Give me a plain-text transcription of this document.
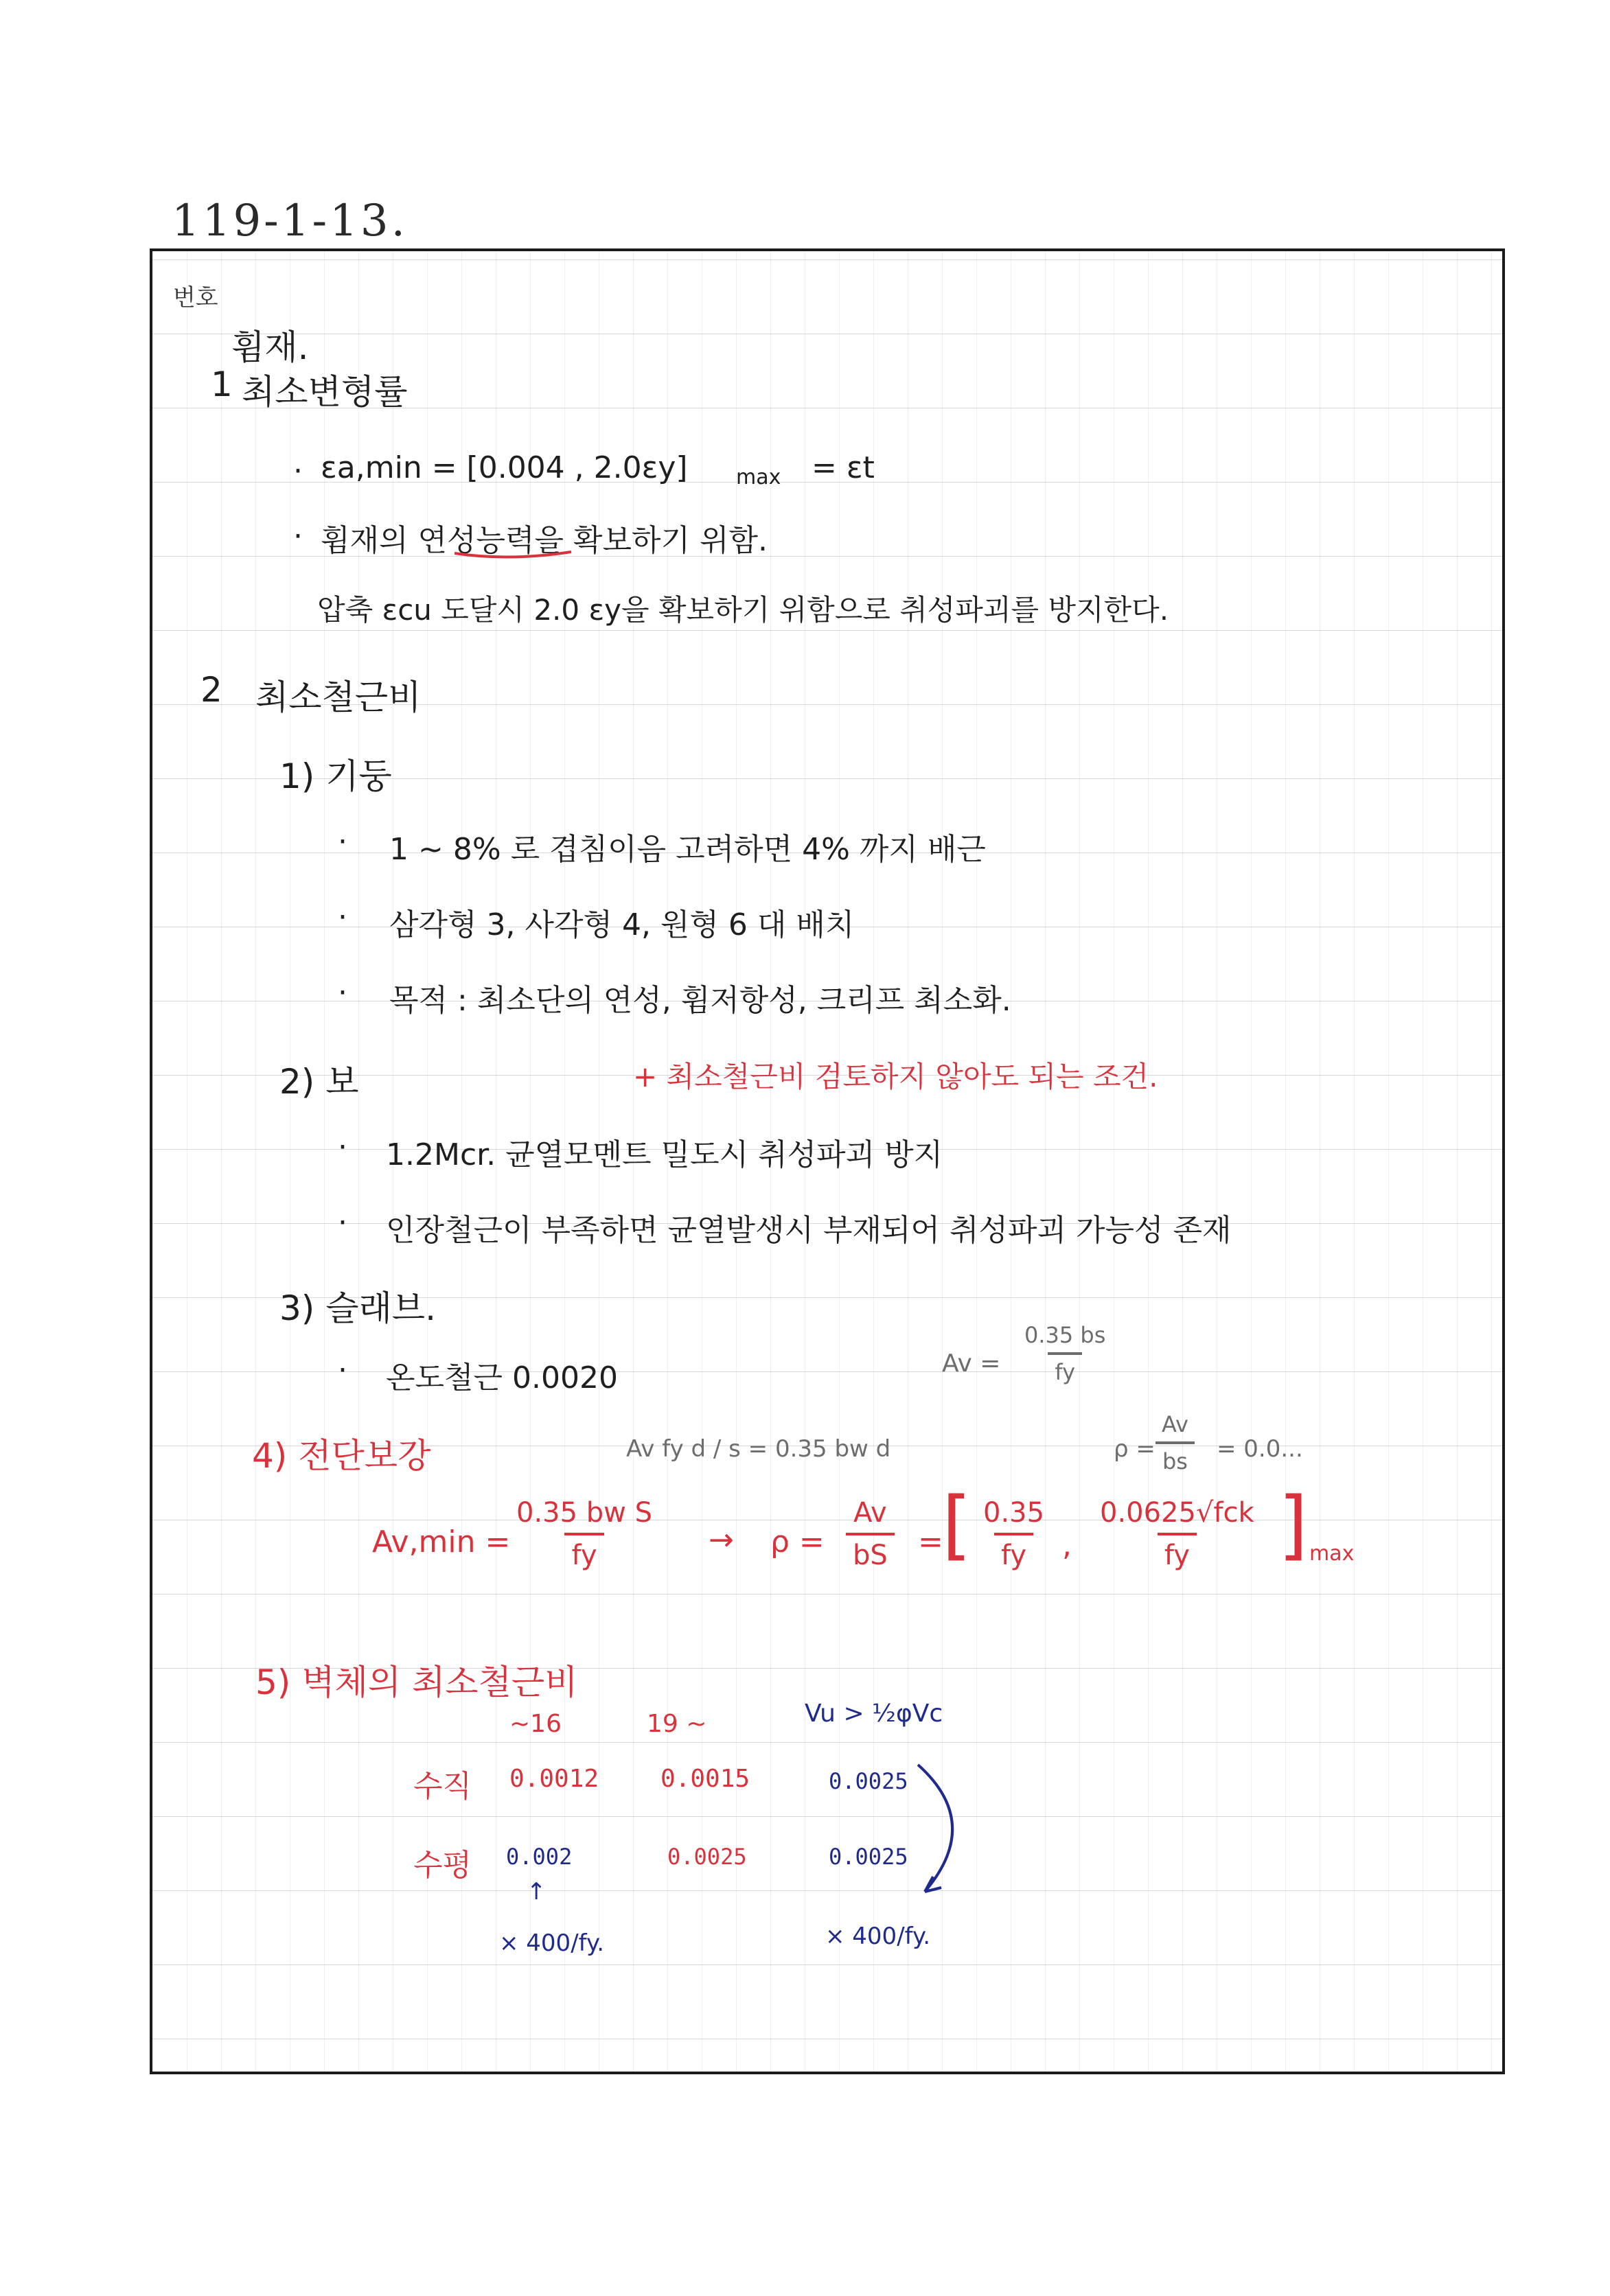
119-1-13.
번호
휨재.
1 최소변형률
· εa,min = [0.004 , 2.0εy] max = εt
· 휨재의 연성능력을 확보하기 위함.
압축 εcu 도달시 2.0 εy을 확보하기 위함으로 취성파괴를 방지한다.
2 최소철근비
1) 기둥
· 1 ~ 8% 로 겹침이음 고려하면 4% 까지 배근
· 삼각형 3, 사각형 4, 원형 6 대 배치
· 목적 : 최소단의 연성, 휨저항성, 크리프 최소화.
2) 보	+ 최소철근비 검토하지 않아도 되는 조건.
· 1.2Mcr. 균열모멘트 밀도시 취성파괴 방지
· 인장철근이 부족하면 균열발생시 부재되어 취성파괴 가능성 존재
3) 슬래브.
· 온도철근 0.0020	$Av = \frac{0.35 bs}{fy}$
4) 전단보강	Av fy d / s = 0.35 bw d	$\rho = \frac{Av}{bs} = 0.0$...
Av,min =
$\frac{\text{0.35 bw S}}{fy} \to \rho = \frac{Av}{bS}$ =
[ $\frac{0.35}{fy}$ ,
0.0625√fck
fy ] max
5) 벽체의 최소철근비
~16	19 ~	Vu > ½φVc
수직 0.0012 0.0015	0.0025
수평 0.002	0.0025	0.0025
↑
× 400/fy.	× 400/fy.
